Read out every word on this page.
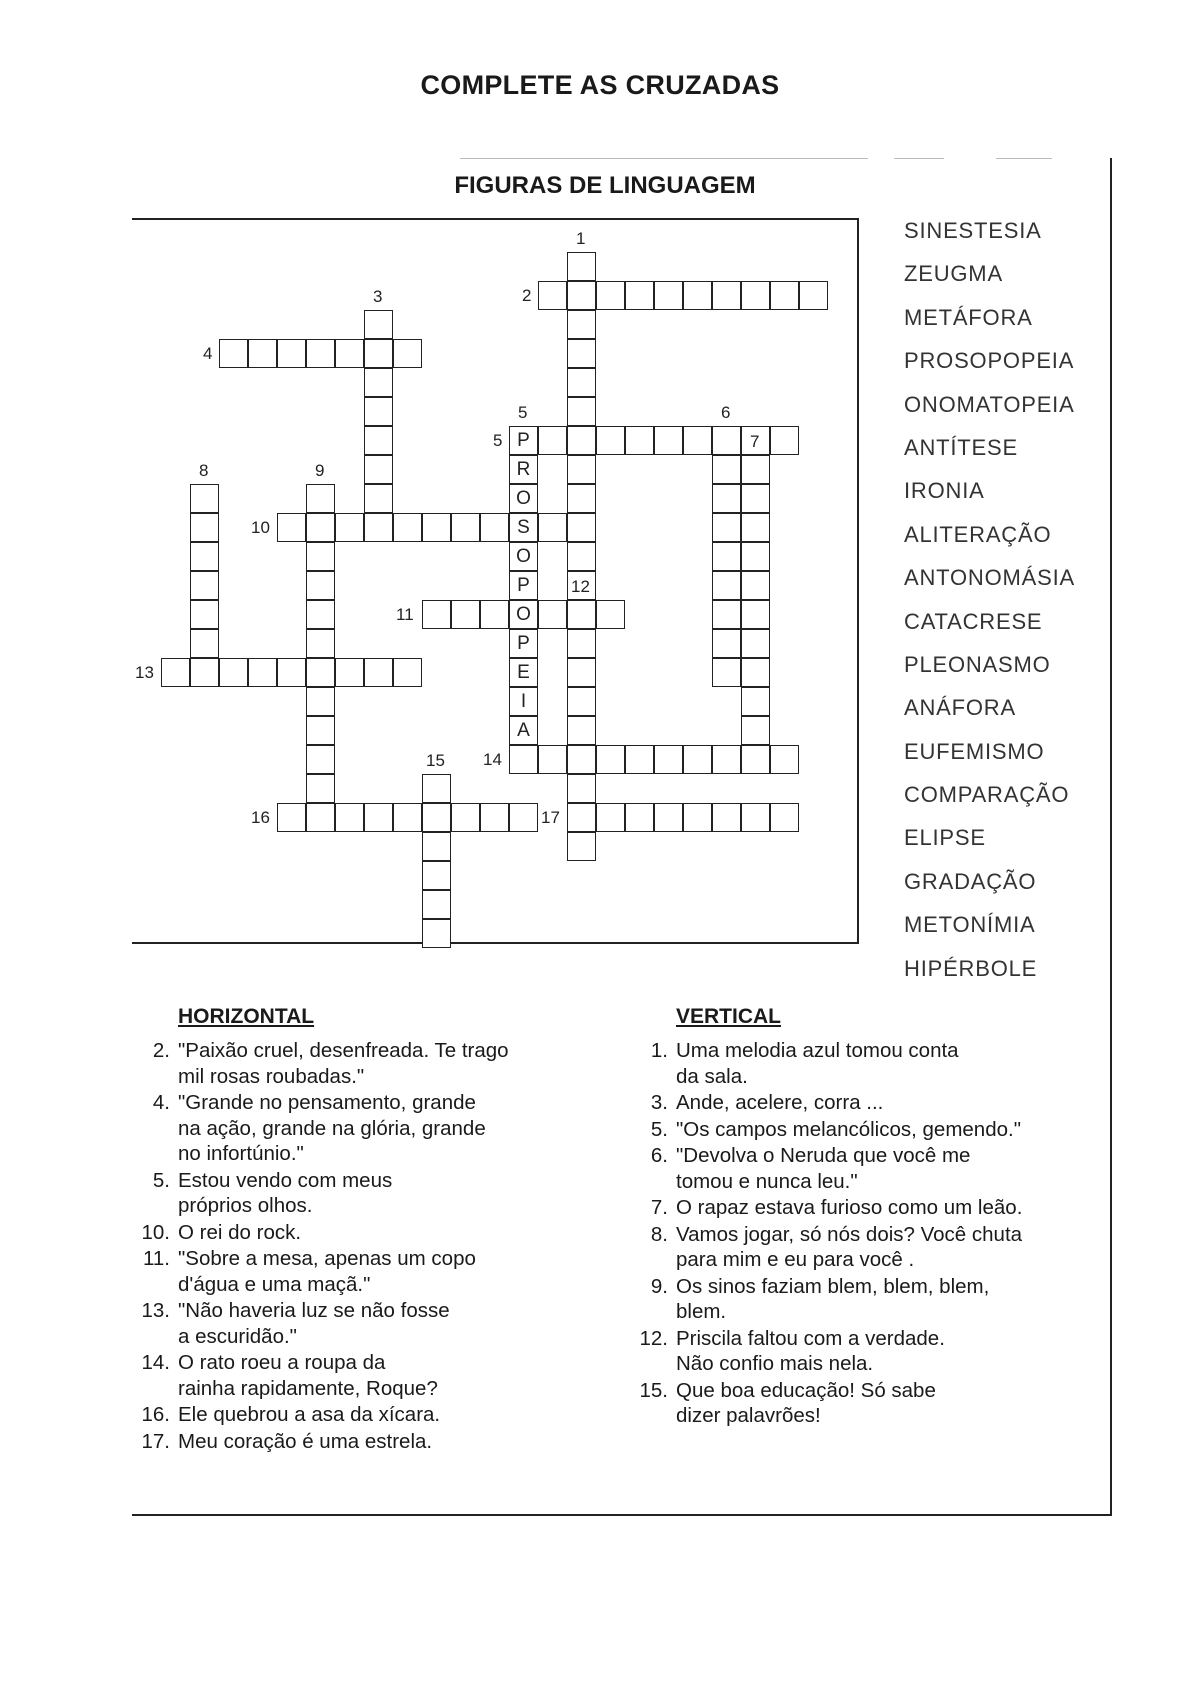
COMPLETE AS CRUZADAS
FIGURAS DE LINGUAGEM
1
2
3
4
P
5
R
O
S
O
P
O
P
E
I
A
5	6
7
8	9
10
11
12
13
14
15
16	17
SINESTESIA
ZEUGMA
METÁFORA
PROSOPOPEIA
ONOMATOPEIA
ANTÍTESE
IRONIA
ALITERAÇÃO
ANTONOMÁSIA
CATACRESE
PLEONASMO
ANÁFORA
EUFEMISMO
COMPARAÇÃO
ELIPSE
GRADAÇÃO
METONÍMIA
HIPÉRBOLE
HORIZONTAL	VERTICAL
2. "Paixão cruel, desenfreada. Te trago
mil rosas roubadas."
4. "Grande no pensamento, grande
na ação, grande na glória, grande
no infortúnio."
5. Estou vendo com meus
próprios olhos.
10. O rei do rock.
11. "Sobre a mesa, apenas um copo
d'água e uma maçã."
13. "Não haveria luz se não fosse
a escuridão."
14. O rato roeu a roupa da
rainha rapidamente, Roque?
16. Ele quebrou a asa da xícara.
17. Meu coração é uma estrela.
1. Uma melodia azul tomou conta
da sala.
3. Ande, acelere, corra ...
5. "Os campos melancólicos, gemendo."
6. "Devolva o Neruda que você me
tomou e nunca leu."
7. O rapaz estava furioso como um leão.
8. Vamos jogar, só nós dois? Você chuta
para mim e eu para você .
9. Os sinos faziam blem, blem, blem,
blem.
12. Priscila faltou com a verdade.
Não confio mais nela.
15. Que boa educação! Só sabe
dizer palavrões!
